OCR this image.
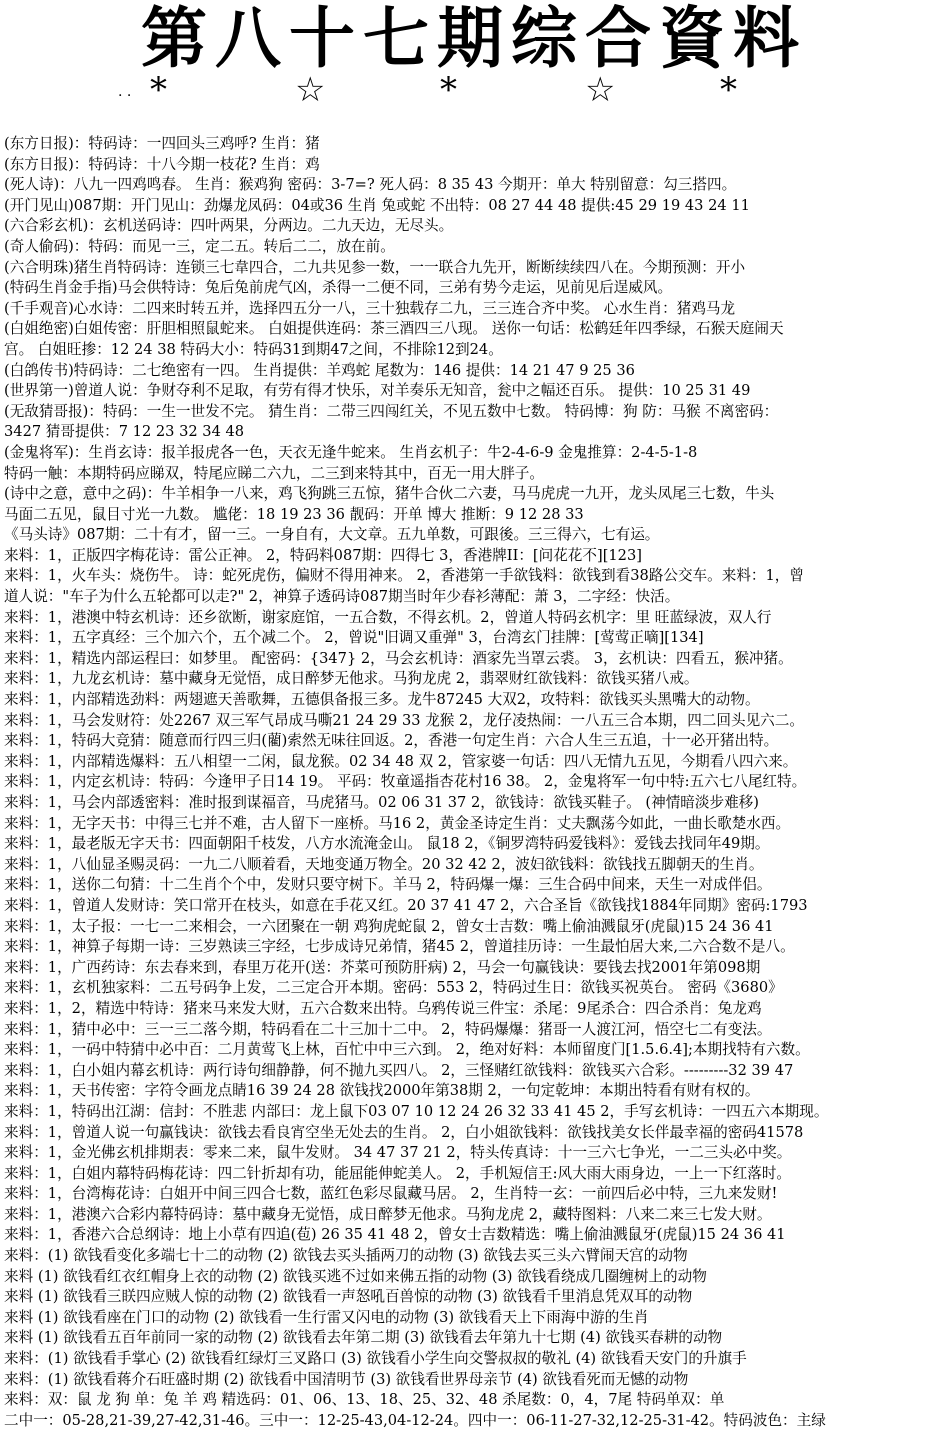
第八十七期综合資料
. . *	☆	*	☆	*
(东方日报)：特码诗：一四回头三鸡呼? 生肖：猪
(东方日报)：特码诗：十八今期一枝花? 生肖：鸡
(死人诗)：八九一四鸡鸣春。 生肖：猴鸡狗 密码：3-7=? 死人码：8 35 43 今期开：单大 特别留意：勾三搭四。
(开门见山)087期：开门见山：劲爆龙凤码：04或36 生肖 兔或蛇 不出特：08 27 44 48 提供:45 29 19 43 24 11
(六合彩玄机)：玄机送码诗：四叶两果，分两边。二九天边，无尽头。
(奇人偷码)：特码：而见一三，定二五。转后二二，放在前。
(六合明珠)猪生肖特码诗：连锁三七韋四合，二九共见参一数，一一联合九先开，断断续续四八在。今期预测：开小
(特码生肖金手指)马会供特诗：兔后兔前虎气凶，杀得一二便不同，三弟有势今走运，见前见后逞威风。
(千手观音)心水诗：二四来时转五并，选择四五分一八，三十独载存二九，三三连合齐中奖。 心水生肖：猪鸡马龙
(白姐绝密)白姐传密：肝胆相照鼠蛇来。 白姐提供连码：茶三酒四三八现。 送你一句话：松鹤廷年四季绿，石猴天庭闹天
宫。 白姐旺掺：12 24 38 特码大小：特码31到期47之间，不排除12到24。
(白鸽传书)特码诗：二七绝密有一四。 生肖提供：羊鸡蛇 尾数为：146 提供：14 21 47 9 25 36
(世界第一)曾道人说：争财夺利不足取，有劳有得才快乐，对羊奏乐无知音，瓮中之幅还百乐。 提供：10 25 31 49
(无敌猜哥报)：特码：一生一世发不完。 猜生肖：二带三四闯红关，不见五数中七数。 特码博：狗 防：马猴 不离密码：
3427 猜哥提供：7 12 23 32 34 48
(金鬼将军)：生肖玄诗：报羊报虎各一色，天衣无逢牛蛇来。 生肖玄机子：牛2-4-6-9 金鬼推算：2-4-5-1-8
特码一触：本期特码应睇双，特尾应睇二六九，二三到来特其中，百无一用大胖子。
(诗中之意，意中之码)：牛羊相争一八来，鸡飞狗跳三五惊，猪牛合伙二六妻，马马虎虎一九开，龙头凤尾三七数，牛头
马面二五见，鼠目寸光一九数。 尴佬：18 19 23 36 靓码：开单 博大 推断：9 12 28 33
《马头诗》087期：二十有才，留一三。一身自有，大文章。五九单数，可跟後。三三得六，七有运。
来料：1，正版四字梅花诗：雷公正神。 2，特码料087期：四得七 3，香港牌II：[问花花不][123]
来料：1，火车头：烧伤牛。 诗：蛇死虎伤，偏财不得用神来。 2，香港第一手欲钱料：欲钱到看38路公交车。来料：1，曾
道人说："车子为什么五轮都可以走?" 2，神算子透码诗087期当时年少春衫薄配：萧 3，二字经：快活。
来料：1，港澳中特玄机诗：还乡欲断，谢家庭馆，一五合数，不得玄机。2，曾道人特码玄机字：里 旺蓝绿波，双人行
来料：1，五字真经：三个加六个，五个减二个。 2，曾说"旧调又重弹" 3，台湾玄门挂牌：[莺莺正嘀][134]
来料：1，精选内部运程曰：如梦里。 配密码：{347} 2，马会玄机诗：酒家先当罩云裘。 3，玄机诀：四看五，猴冲猪。
来料：1，九龙玄机诗：墓中藏身无觉悟，成日醉梦无他求。马狗龙虎 2，翡翠财红欲钱料：欲钱买猪八戒。
来料：1，内部精选劲料：两翅遮天善歌舞，五德俱备报三多。龙牛87245 大双2，攻特料：欲钱买头黑嘴大的动物。
来料：1，马会发财符：处2267 双三军气昂成马嘶21 24 29 33 龙猴 2，龙仔凌热闹：一八五三合本期，四二回头见六二。
来料：1，特码大竞猜：随意而行四三归(藺)索然无味往回返。2，香港一句定生肖：六合人生三五追，十一必开猪出特。
来料：1，内部精选爆料：五八相望一二闲，鼠龙猴。02 34 48 双 2，管家婆一句话：四八无情九五见，今期看八四六来。
来料：1，内定玄机诗：特码：今逢甲子日14 19。 平码：牧童遥指杏花村16 38。 2，金鬼将军一句中特:五六七八尾红特。
来料：1，马会内部透密料：准时报到谋福音，马虎猪马。02 06 31 37 2，欲钱诗：欲钱买鞋子。 (神情暗淡步难移)
来料：1，无字天书：中得三七并不难，古人留下一座桥。马16 2，黄金圣诗定生肖：丈夫飘荡今如此，一曲长歌楚水西。
来料：1，最老版无字天书：四面朝阳千枝发，八方水流淹金山。 鼠18 2，《铜罗湾特码爱钱料》：爱钱去找同年49期。
来料：1，八仙显圣赐灵码：一九二八顺着看，天地变通万物全。20 32 42 2，波妇欲钱料：欲钱找五脚朝天的生肖。
来料：1，送你二句猜：十二生肖个个中，发财只要守树下。羊马 2，特码爆一爆：三生合码中间来，天生一对成伴侣。
来料：1，曾道人发财诗：笑口常开在枝头，如意在手花又红。20 37 41 47 2，六合圣旨《欲钱找1884年同期》密码:1793
来料：1，太子报：一七一二来相会，一六团聚在一朝 鸡狗虎蛇鼠 2，曾女士吉数：嘴上偷油溅鼠牙(虎鼠)15 24 36 41
来料：1，神算子每期一诗：三岁熟读三字经，七步成诗兄弟情，猪45 2，曾道挂历诗：一生最怕居大来,二六合数不是八。
来料：1，广西药诗：东去春来到，春里万花开(送：芥菜可预防肝病) 2，马会一句赢钱诀：要钱去找2001年第098期
来料：1，玄机独家料：二五号码争上发，二三定合开本期。密码：553 2，特码过生日：欲钱买祝英台。 密码《3680》
来料：1，2，精选中特诗：猪来马来发大财，五六合数来出特。乌鸦传说三件宝：杀尾：9尾杀合：四合杀肖：兔龙鸡
来料：1，猜中必中：三一三二落今期，特码看在二十三加十二中。 2，特码爆爆：猪哥一人渡江河，悟空七二有变法。
来料：1，一码中特猜中必中百：二月黄莺飞上林，百忙中中三六到。 2，绝对好料：本师留度门[1.5.6.4];本期找特有六数。
来料：1，白小姐内幕玄机诗：两行诗句细静静，何不抛九买四八。 2，三怪赌红欲钱料：欲钱买六合彩。---------32 39 47
来料：1，天书传密：字符令画龙点睛16 39 24 28 欲钱找2000年第38期 2，一句定乾坤：本期出特看有财有权的。
来料：1，特码出江湖：信封：不胜悲 内部曰：龙上鼠下03 07 10 12 24 26 32 33 41 45 2，手写玄机诗：一四五六本期现。
来料：1，曾道人说一句赢钱诀：欲钱去看良宵空坐无处去的生肖。 2，白小姐欲钱料：欲钱找美女长伴最幸福的密码41578
来料：1，金光佛玄机排期表：零来二来，鼠牛发财。 34 47 37 21 2，特头传真诗：十一三六七争光，一二三头必中奖。
来料：1，白姐内幕特码梅花诗：四二针折却有功，能屈能伸蛇美人。 2，手机短信王:风大雨大雨身边，一上一下红落时。
来料：1，台湾梅花诗：白姐开中间三四合七数，蓝红色彩尽鼠藏马居。 2，生肖特一玄：一前四后必中特，三九来发财!
来料：1，港澳六合彩内幕特码诗：墓中藏身无觉悟，成日醉梦无他求。马狗龙虎 2，藏特图料：八来二来三七发大财。
来料：1，香港六合总纲诗：地上小草有四追(苞) 26 35 41 48 2，曾女士吉数精选：嘴上偷油溅鼠牙(虎鼠)15 24 36 41
来料：(1) 欲钱看变化多端七十二的动物 (2) 欲钱去买头插两刀的动物 (3) 欲钱去买三头六臂闹天宫的动物
来料 (1) 欲钱看红衣红帽身上衣的动物 (2) 欲钱买逃不过如来佛五指的动物 (3) 欲钱看绕成几圈缠树上的动物
来料 (1) 欲钱看三眹四应贼人惊的动物 (2) 欲钱看一声怒吼百兽惊的动物 (3) 欲钱看千里消息凭双耳的动物
来料 (1) 欲钱看座在门口的动物 (2) 欲钱看一生行雷又闪电的动物 (3) 欲钱看天上下雨海中游的生肖
来料 (1) 欲钱看五百年前同一家的动物 (2) 欲钱看去年第二期 (3) 欲钱看去年第九十七期 (4) 欲钱买春耕的动物
来料：(1) 欲钱看手掌心 (2) 欲钱看红绿灯三叉路口 (3) 欲钱看小学生向交警叔叔的敬礼 (4) 欲钱看天安门的升旗手
来料：(1) 欲钱看蒋介石旺盛时期 (2) 欲钱看中国清明节 (3) 欲钱看世界母亲节 (4) 欲钱看死而无憾的动物
来料：双：鼠 龙 狗 单：兔 羊 鸡 精选码：01、06、13、18、25、32、48 杀尾数：0，4，7尾 特码单双：单
二中一：05-28,21-39,27-42,31-46。三中一：12-25-43,04-12-24。四中一：06-11-27-32,12-25-31-42。特码波色：主绿
